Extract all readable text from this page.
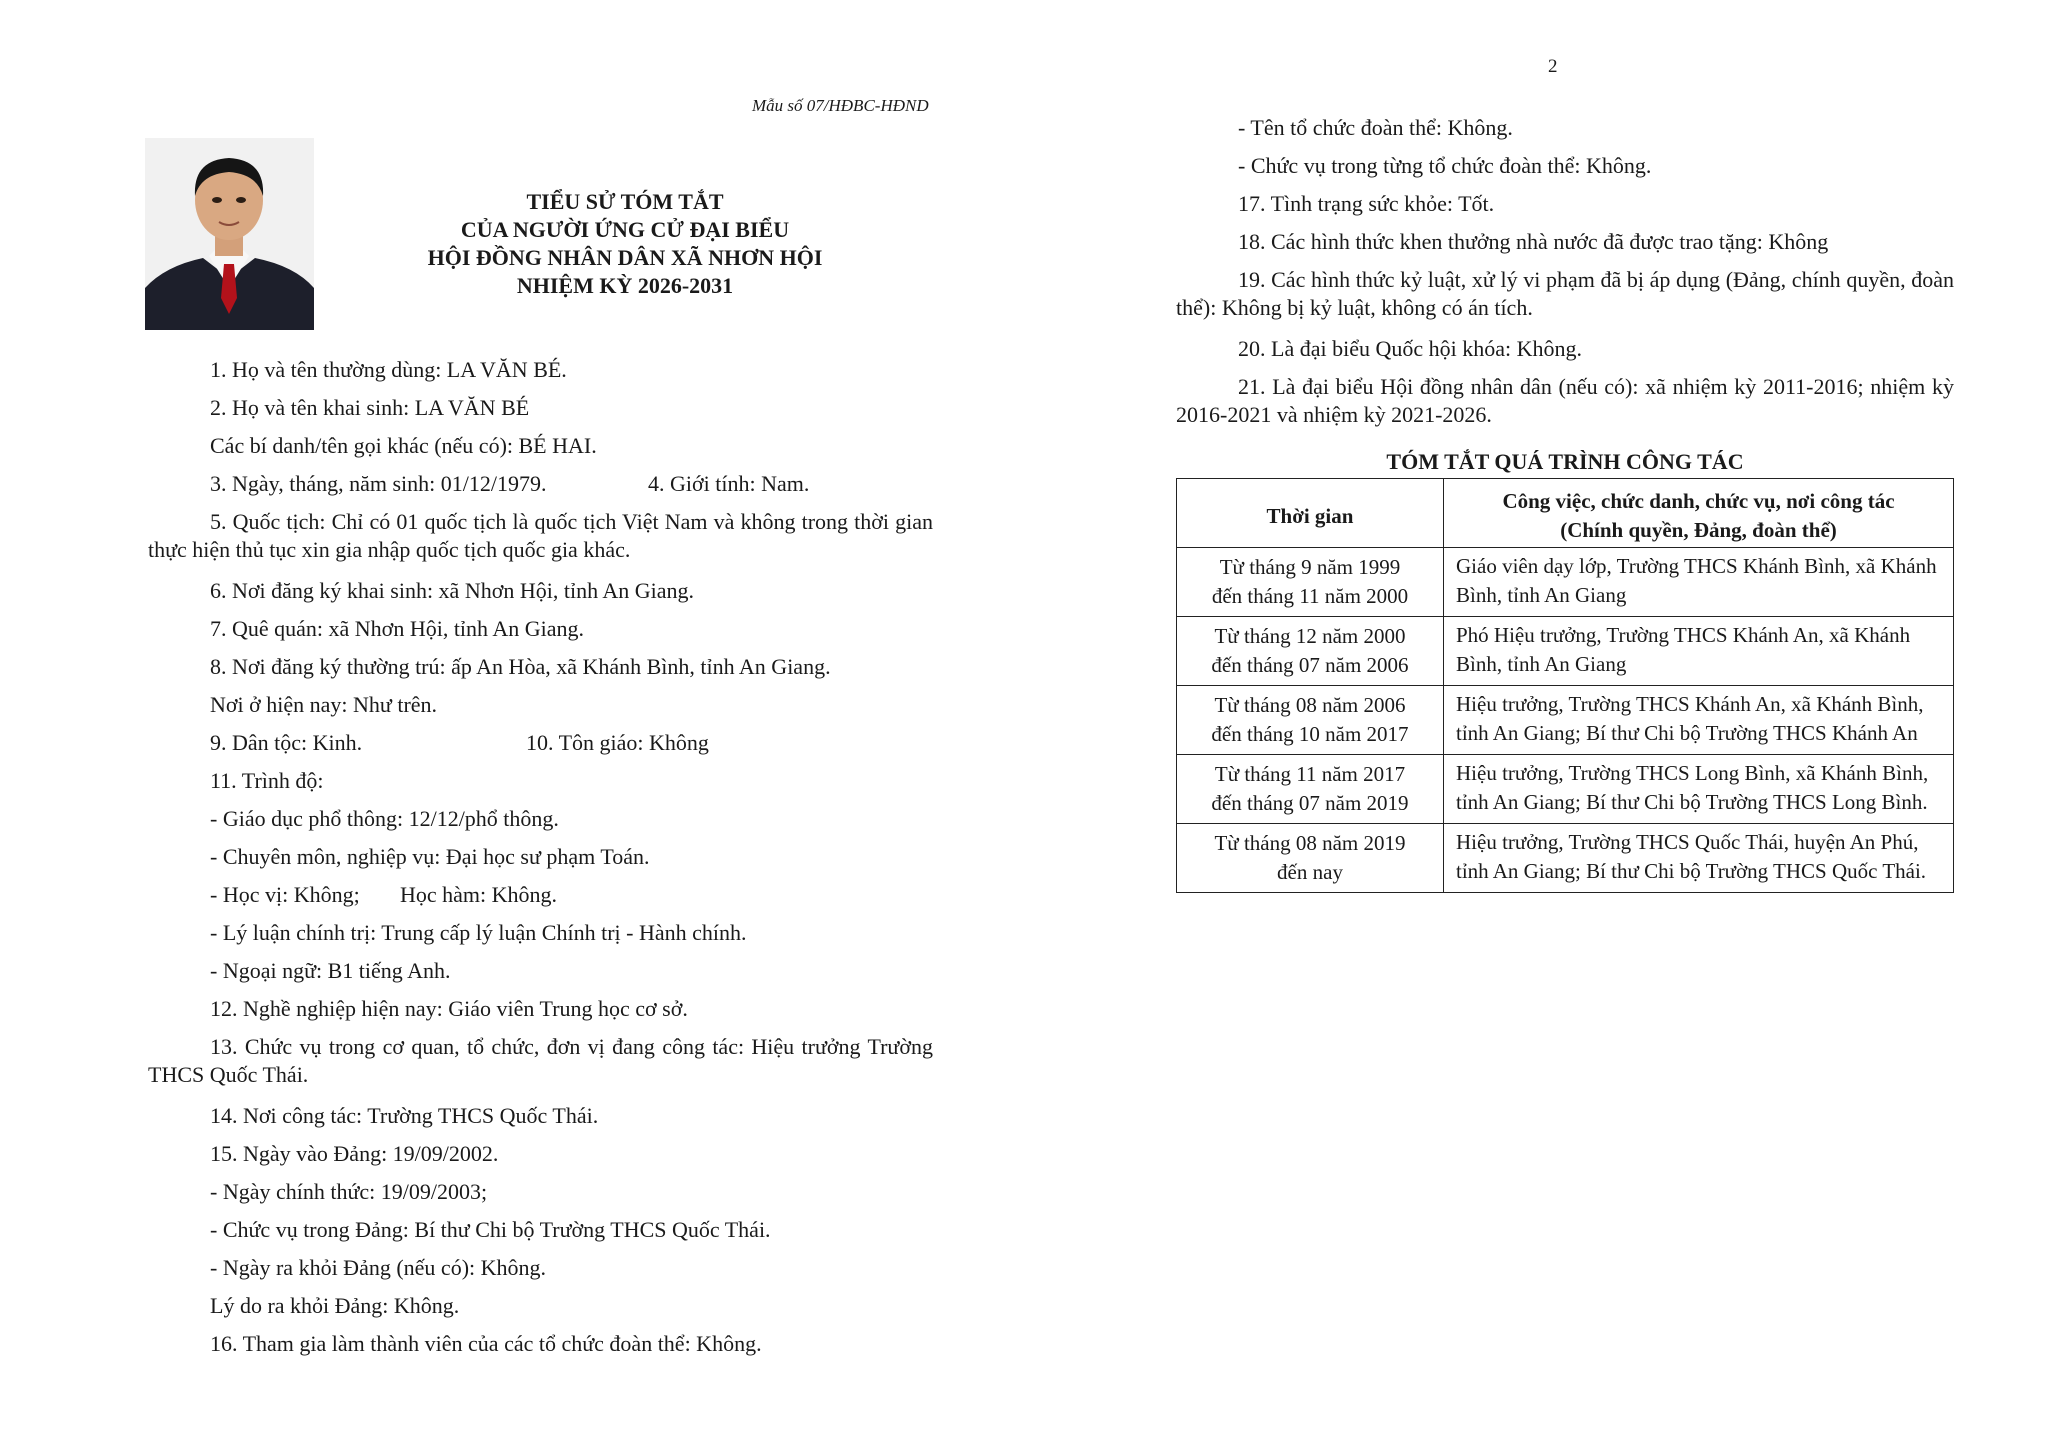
2
Mẫu số 07/HĐBC-HĐND
TIỂU SỬ TÓM TẮT
CỦA NGƯỜI ỨNG CỬ ĐẠI BIỂU
HỘI ĐỒNG NHÂN DÂN XÃ NHƠN HỘI
NHIỆM KỲ 2026-2031
1. Họ và tên thường dùng: LA VĂN BÉ.
2. Họ và tên khai sinh: LA VĂN BÉ
Các bí danh/tên gọi khác (nếu có): BÉ HAI.
3. Ngày, tháng, năm sinh: 01/12/1979.	4. Giới tính: Nam.
5. Quốc tịch: Chỉ có 01 quốc tịch là quốc tịch Việt Nam và không trong thời gian thực hiện thủ tục xin gia nhập quốc tịch quốc gia khác.
6. Nơi đăng ký khai sinh: xã Nhơn Hội, tỉnh An Giang.
7. Quê quán: xã Nhơn Hội, tỉnh An Giang.
8. Nơi đăng ký thường trú: ấp An Hòa, xã Khánh Bình, tỉnh An Giang.
Nơi ở hiện nay: Như trên.
9. Dân tộc: Kinh.	10. Tôn giáo: Không
11. Trình độ:
- Giáo dục phổ thông: 12/12/phổ thông.
- Chuyên môn, nghiệp vụ: Đại học sư phạm Toán.
- Học vị: Không; Học hàm: Không.
- Lý luận chính trị: Trung cấp lý luận Chính trị - Hành chính.
- Ngoại ngữ: B1 tiếng Anh.
12. Nghề nghiệp hiện nay: Giáo viên Trung học cơ sở.
13. Chức vụ trong cơ quan, tổ chức, đơn vị đang công tác: Hiệu trưởng Trường THCS Quốc Thái.
14. Nơi công tác: Trường THCS Quốc Thái.
15. Ngày vào Đảng: 19/09/2002.
- Ngày chính thức: 19/09/2003;
- Chức vụ trong Đảng: Bí thư Chi bộ Trường THCS Quốc Thái.
- Ngày ra khỏi Đảng (nếu có): Không.
Lý do ra khỏi Đảng: Không.
16. Tham gia làm thành viên của các tổ chức đoàn thể: Không.
- Tên tổ chức đoàn thể: Không.
- Chức vụ trong từng tổ chức đoàn thể: Không.
17. Tình trạng sức khỏe: Tốt.
18. Các hình thức khen thưởng nhà nước đã được trao tặng: Không
19. Các hình thức kỷ luật, xử lý vi phạm đã bị áp dụng (Đảng, chính quyền, đoàn thể): Không bị kỷ luật, không có án tích.
20. Là đại biểu Quốc hội khóa: Không.
21. Là đại biểu Hội đồng nhân dân (nếu có): xã nhiệm kỳ 2011-2016; nhiệm kỳ 2016-2021 và nhiệm kỳ 2021-2026.
TÓM TẮT QUÁ TRÌNH CÔNG TÁC
Thời gian	Công việc, chức danh, chức vụ, nơi công tác
(Chính quyền, Đảng, đoàn thể)

Từ tháng 9 năm 1999
đến tháng 11 năm 2000	Giáo viên dạy lớp, Trường THCS Khánh Bình, xã Khánh Bình, tỉnh An Giang

Từ tháng 12 năm 2000
đến tháng 07 năm 2006	Phó Hiệu trưởng, Trường THCS Khánh An, xã Khánh Bình, tỉnh An Giang

Từ tháng 08 năm 2006
đến tháng 10 năm 2017	Hiệu trưởng, Trường THCS Khánh An, xã Khánh Bình, tỉnh An Giang; Bí thư Chi bộ Trường THCS Khánh An

Từ tháng 11 năm 2017
đến tháng 07 năm 2019	Hiệu trưởng, Trường THCS Long Bình, xã Khánh Bình, tỉnh An Giang; Bí thư Chi bộ Trường THCS Long Bình.

Từ tháng 08 năm 2019
đến nay	Hiệu trưởng, Trường THCS Quốc Thái, huyện An Phú, tỉnh An Giang; Bí thư Chi bộ Trường THCS Quốc Thái.
